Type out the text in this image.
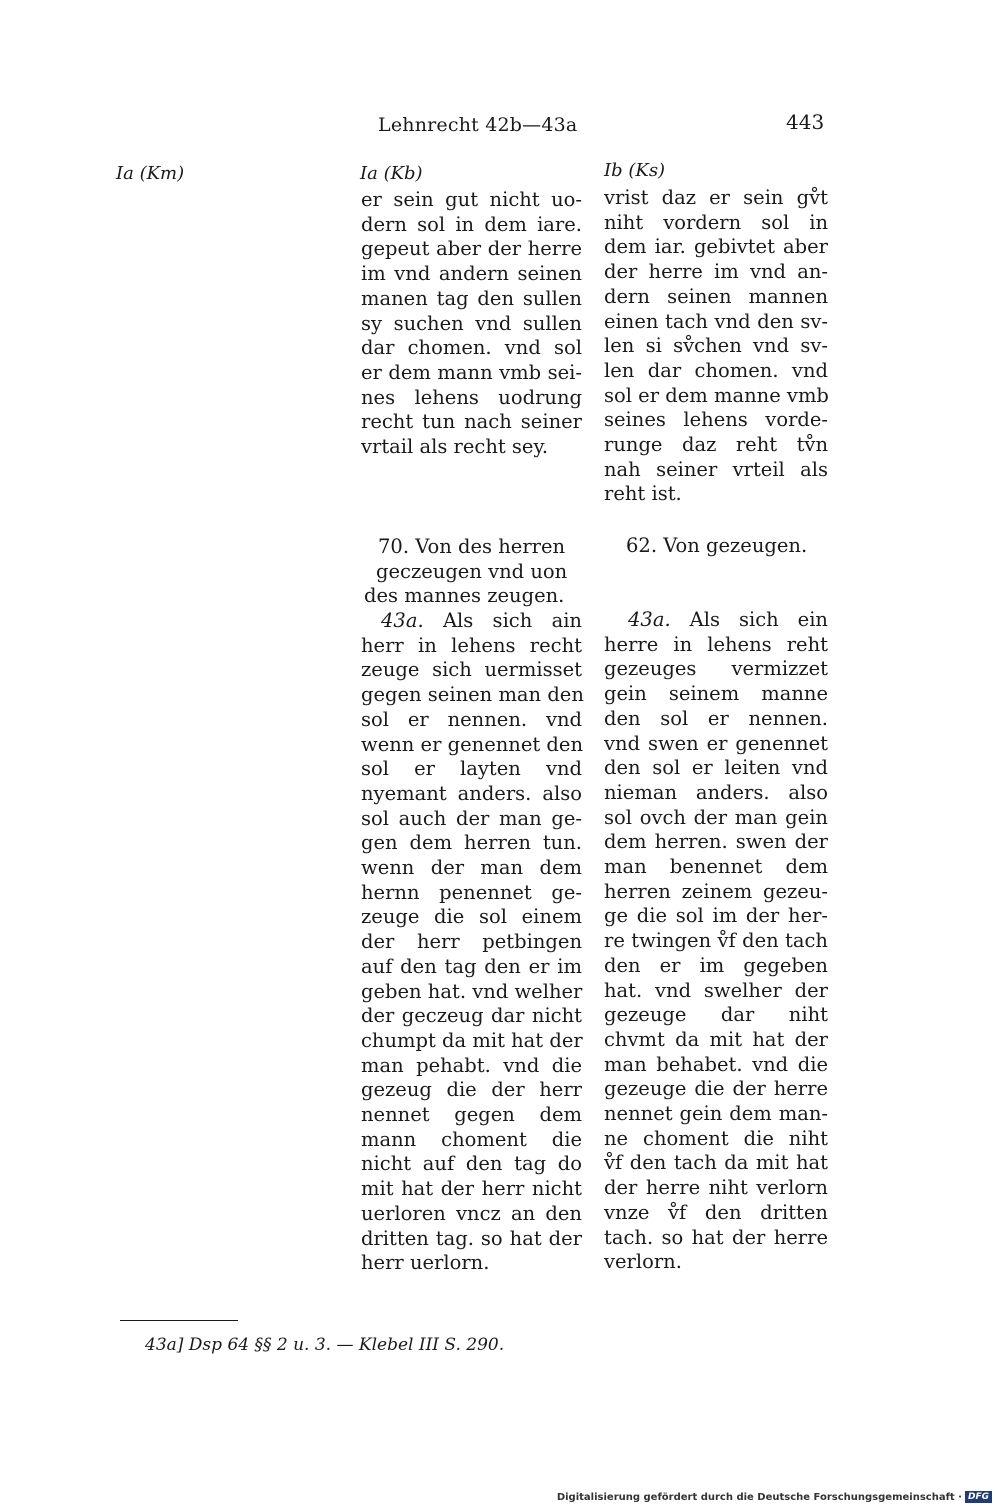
Lehnrecht 42b—43a	443
Ia (Km)	Ia (Kb)	Ib (Ks)
er sein gut nicht uo-
dern sol in dem iare.
gepeut aber der herre
im vnd andern seinen
manen tag den sullen
sy suchen vnd sullen
dar chomen. vnd sol
er dem mann vmb sei-
nes lehens uodrung
recht tun nach seiner
vrtail als recht sey.
vrist daz er sein gv̊t
niht vordern sol in
dem iar. gebivtet aber
der herre im vnd an-
dern seinen mannen
einen tach vnd den sv-
len si sv̊chen vnd sv-
len dar chomen. vnd
sol er dem manne vmb
seines lehens vorde-
runge daz reht tv̊n
nah seiner vrteil als
reht ist.
70. Von des herren
geczeugen vnd uon
des mannes zeugen.
62. Von gezeugen.
43a. Als sich ain
herr in lehens recht
zeuge sich uermisset
gegen seinen man den
sol er nennen. vnd
wenn er genennet den
sol er layten vnd
nyemant anders. also
sol auch der man ge-
gen dem herren tun.
wenn der man dem
hernn penennet ge-
zeuge die sol einem
der herr petbingen
auf den tag den er im
geben hat. vnd welher
der geczeug dar nicht
chumpt da mit hat der
man pehabt. vnd die
gezeug die der herr
nennet gegen dem
mann choment die
nicht auf den tag do
mit hat der herr nicht
uerloren vncz an den
dritten tag. so hat der
herr uerlorn.
43a. Als sich ein
herre in lehens reht
gezeuges vermizzet
gein seinem manne
den sol er nennen.
vnd swen er genennet
den sol er leiten vnd
nieman anders. also
sol ovch der man gein
dem herren. swen der
man benennet dem
herren zeinem gezeu-
ge die sol im der her-
re twingen v̊f den tach
den er im gegeben
hat. vnd swelher der
gezeuge dar niht
chvmt da mit hat der
man behabet. vnd die
gezeuge die der herre
nennet gein dem man-
ne choment die niht
v̊f den tach da mit hat
der herre niht verlorn
vnze v̊f den dritten
tach. so hat der herre
verlorn.
43a] Dsp 64 §§ 2 u. 3. — Klebel III S. 290.
Digitalisierung gefördert durch die Deutsche Forschungsgemeinschaft · DFG
